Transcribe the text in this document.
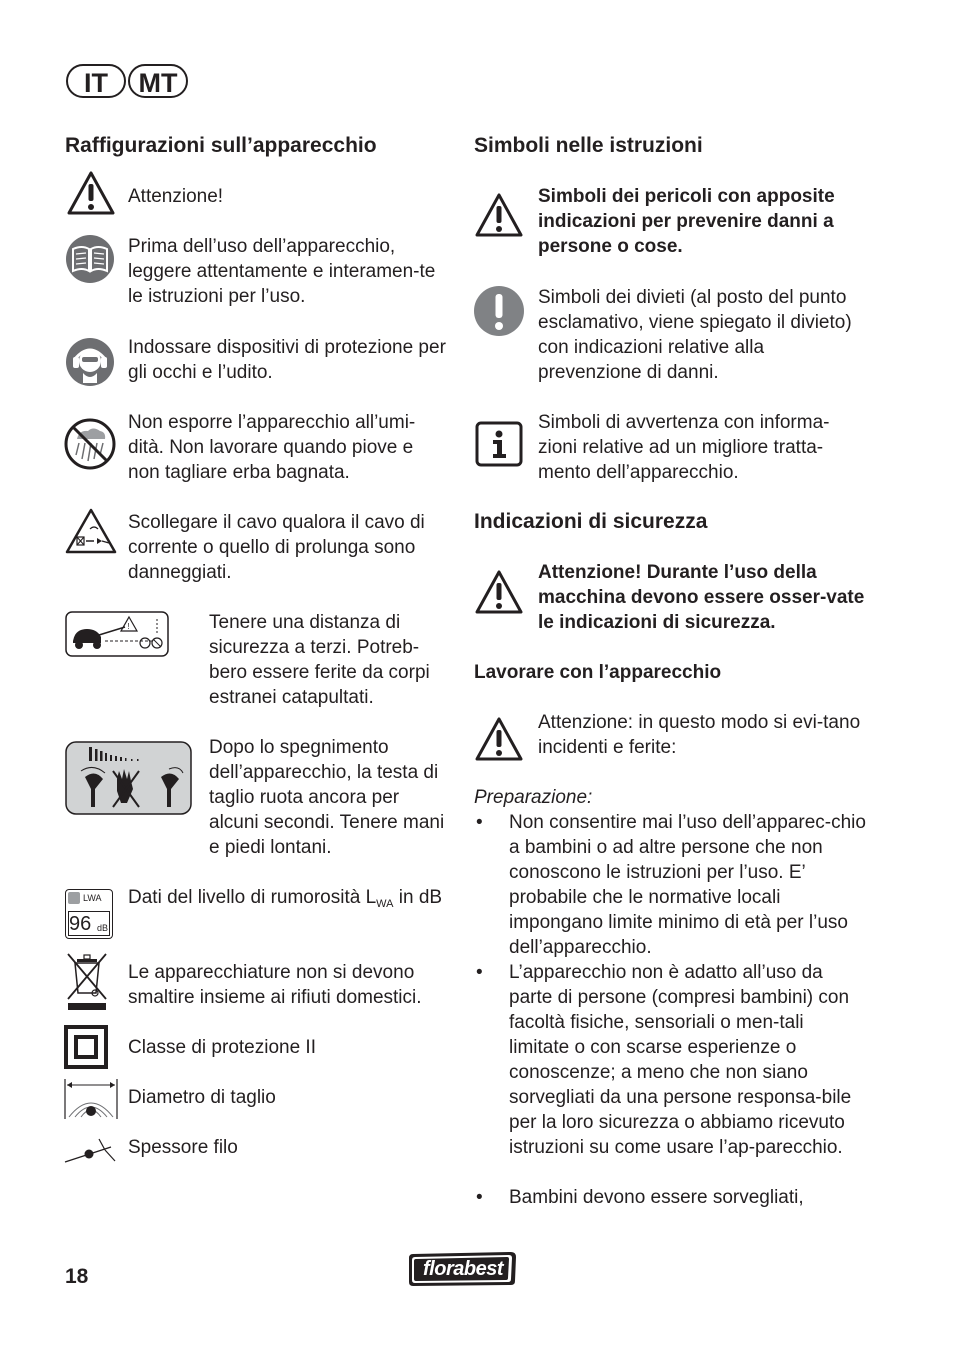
IT	MT
Raffigurazioni sull’apparecchio
Attenzione!
Prima dell’uso dell’apparecchio, leggere attentamente e interamen-te le istruzioni per l’uso.
Indossare dispositivi di protezione per gli occhi e l’udito.
Non esporre l’apparecchio all’umi-dità. Non lavorare quando piove e non tagliare erba bagnata.
Scollegare il cavo qualora il cavo di corrente o quello di prolunga sono danneggiati.
!	Tenere una distanza di sicurezza a terzi. Potreb-bero essere ferite da corpi estranei catapultati.
Dopo lo spegnimento dell’apparecchio, la testa di taglio ruota ancora per alcuni secondi. Tenere mani e piedi lontani.
LWA
96 dB
Dati del livello di rumorosità $L_{WA}$ in dB
Le apparecchiature non si devono smaltire insieme ai rifiuti domestici.
Classe di protezione II
Diametro di taglio
Spessore filo
Simboli nelle istruzioni
Simboli dei pericoli con apposite indicazioni per prevenire danni a persone o cose.
Simboli dei divieti (al posto del punto esclamativo, viene spiegato il divieto) con indicazioni relative alla prevenzione di danni.
Simboli di avvertenza con informa-zioni relative ad un migliore tratta-mento dell’apparecchio.
Indicazioni di sicurezza
Attenzione! Durante l’uso della macchina devono essere osser-vate le indicazioni di sicurezza.
Lavorare con l’apparecchio
Attenzione: in questo modo si evi-tano incidenti e ferite:
Preparazione:
• Non consentire mai l’uso dell’apparec-chio a bambini o ad altre persone che non conoscono le istruzioni per l’uso. E’ probabile che le normative locali impongano limite minimo di età per l’uso dell’apparecchio.
• L’apparecchio non è adatto all’uso da parte di persone (compresi bambini) con facoltà fisiche, sensoriali o men-tali limitate o con scarse esperienze o conoscenze; a meno che non siano sorvegliati da una persone responsa-bile per la loro sicurezza o abbiamo ricevuto istruzioni su come usare l’ap-parecchio.
• Bambini devono essere sorvegliati,
18	florabest
